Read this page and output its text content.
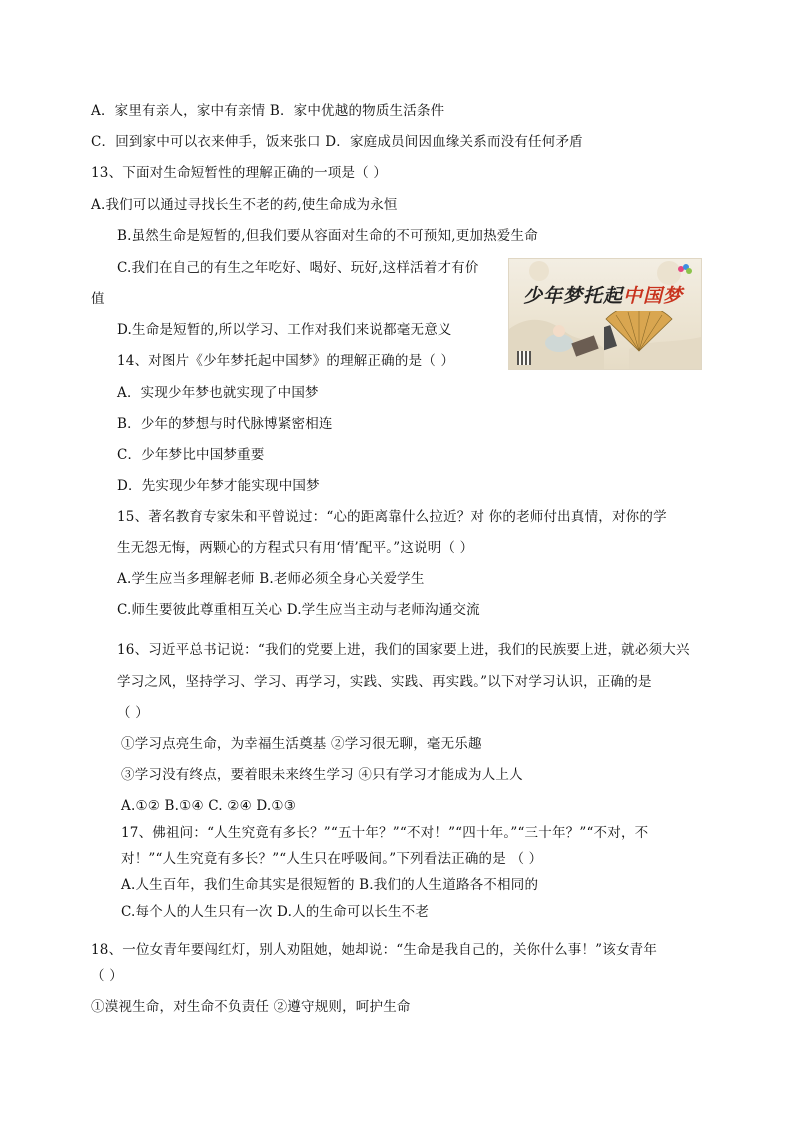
A．家里有亲人，家中有亲情 B．家中优越的物质生活条件
C．回到家中可以衣来伸手，饭来张口 D．家庭成员间因血缘关系而没有任何矛盾
13、下面对生命短暂性的理解正确的一项是（ ）
A.我们可以通过寻找长生不老的药,使生命成为永恒
B.虽然生命是短暂的,但我们要从容面对生命的不可预知,更加热爱生命
C.我们在自己的有生之年吃好、喝好、玩好,这样活着才有价
值
D.生命是短暂的,所以学习、工作对我们来说都毫无意义
14、对图片《少年梦托起中国梦》的理解正确的是（ ）
A．实现少年梦也就实现了中国梦
B．少年的梦想与时代脉博紧密相连
C．少年梦比中国梦重要
D．先实现少年梦才能实现中国梦
15、著名教育专家朱和平曾说过：“心的距离靠什么拉近？对 你的老师付出真情，对你的学
生无怨无悔，两颗心的方程式只有用‘情’配平。”这说明（ ）
A.学生应当多理解老师 B.老师必须全身心关爱学生
C.师生要彼此尊重相互关心 D.学生应当主动与老师沟通交流
16、习近平总书记说：“我们的党要上进，我们的国家要上进，我们的民族要上进，就必须大兴
学习之风，坚持学习、学习、再学习，实践、实践、再实践。”以下对学习认识，正确的是
（ ）
①学习点亮生命，为幸福生活奠基 ②学习很无聊，毫无乐趣
③学习没有终点，要着眼未来终生学习 ④只有学习才能成为人上人
A.①② B.①④ C. ②④ D.①③
17、佛祖问：“人生究竟有多长？”“五十年？”“不对！”“四十年。”“三十年？”“不对，不
对！”“人生究竟有多长？”“人生只在呼吸间。”下列看法正确的是 （ ）
A.人生百年，我们生命其实是很短暂的 B.我们的人生道路各不相同的
C.每个人的人生只有一次 D.人的生命可以长生不老
18、一位女青年要闯红灯，别人劝阻她，她却说：“生命是我自己的，关你什么事！”该女青年
（ ）
①漠视生命，对生命不负责任 ②遵守规则，呵护生命
少年梦托起中国梦
